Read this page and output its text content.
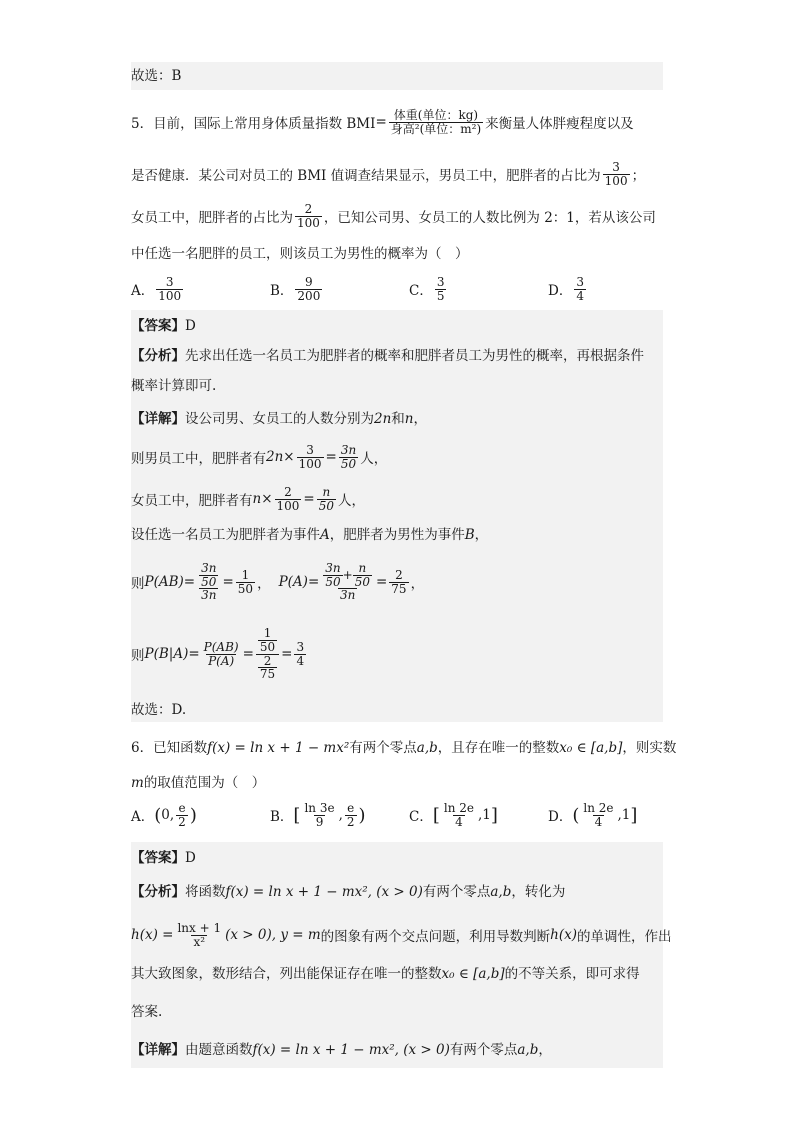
故选：B
5．目前，国际上常用身体质量指数 BMI = $\frac{\text{体重(单位：kg)}}{\text{身高²(单位：m²)}}$ 来衡量人体胖瘦程度以及
是否健康．某公司对员工的 BMI 值调查结果显示，男员工中，肥胖者的占比为 $\frac{3}{100}$ ；
女员工中，肥胖者的占比为 $\frac{2}{100}$ ，已知公司男、女员工的人数比例为 2：1，若从该公司
中任选一名肥胖的员工，则该员工为男性的概率为（　）
A． $\frac{3}{100}$	B． $\frac{9}{200}$	C． $\frac{3}{5}$	D． $\frac{3}{4}$
【答案】D
【分析】先求出任选一名员工为肥胖者的概率和肥胖者员工为男性的概率，再根据条件
概率计算即可.
【详解】设公司男、女员工的人数分别为2n和n，
则男员工中，肥胖者有 $2n\times \frac{3}{100} = \frac{3n}{50}$ 人，
女员工中，肥胖者有 $n\times \frac{2}{100} = \frac{n}{50}$ 人，
设任选一名员工为肥胖者为事件A，肥胖者为男性为事件B，
则 $P(AB) = \frac{\frac{3n}{50}}{3n} = \frac{1}{50}$ ， $P(A) = \frac{\frac{3n}{50} + \frac{n}{50}}{3n} = \frac{2}{75}$ ，
则 $P(B|A) = \frac{P(AB)}{P(A)} = \frac{\frac{1}{50}}{\frac{2}{75}} = \frac{3}{4}$
故选：D.
6．已知函数f(x) = ln x + 1 − mx²有两个零点a,b，且存在唯一的整数x₀ ∈ [a,b]，则实数
m的取值范围为（　）
A． ( 0, $\frac{e}{2}$ )	B． [ $\frac{\ln 3e}{9}$ , $\frac{e}{2}$ )	C． [ $\frac{\ln 2e}{4} ,1$ ]	D． ( $\frac{\ln 2e}{4} ,1$ ]
【答案】D
【分析】将函数f(x) = ln x + 1 − mx², (x > 0)有两个零点a,b，转化为
$h(x) = \frac{\ln x + 1}{\text{x²}} (x > 0)$, y = m 的图象有两个交点问题，利用导数判断 h(x) 的单调性，作出
其大致图象，数形结合，列出能保证存在唯一的整数x₀ ∈ [a,b]的不等关系，即可求得
答案.
【详解】由题意函数f(x) = ln x + 1 − mx², (x > 0)有两个零点a,b，
